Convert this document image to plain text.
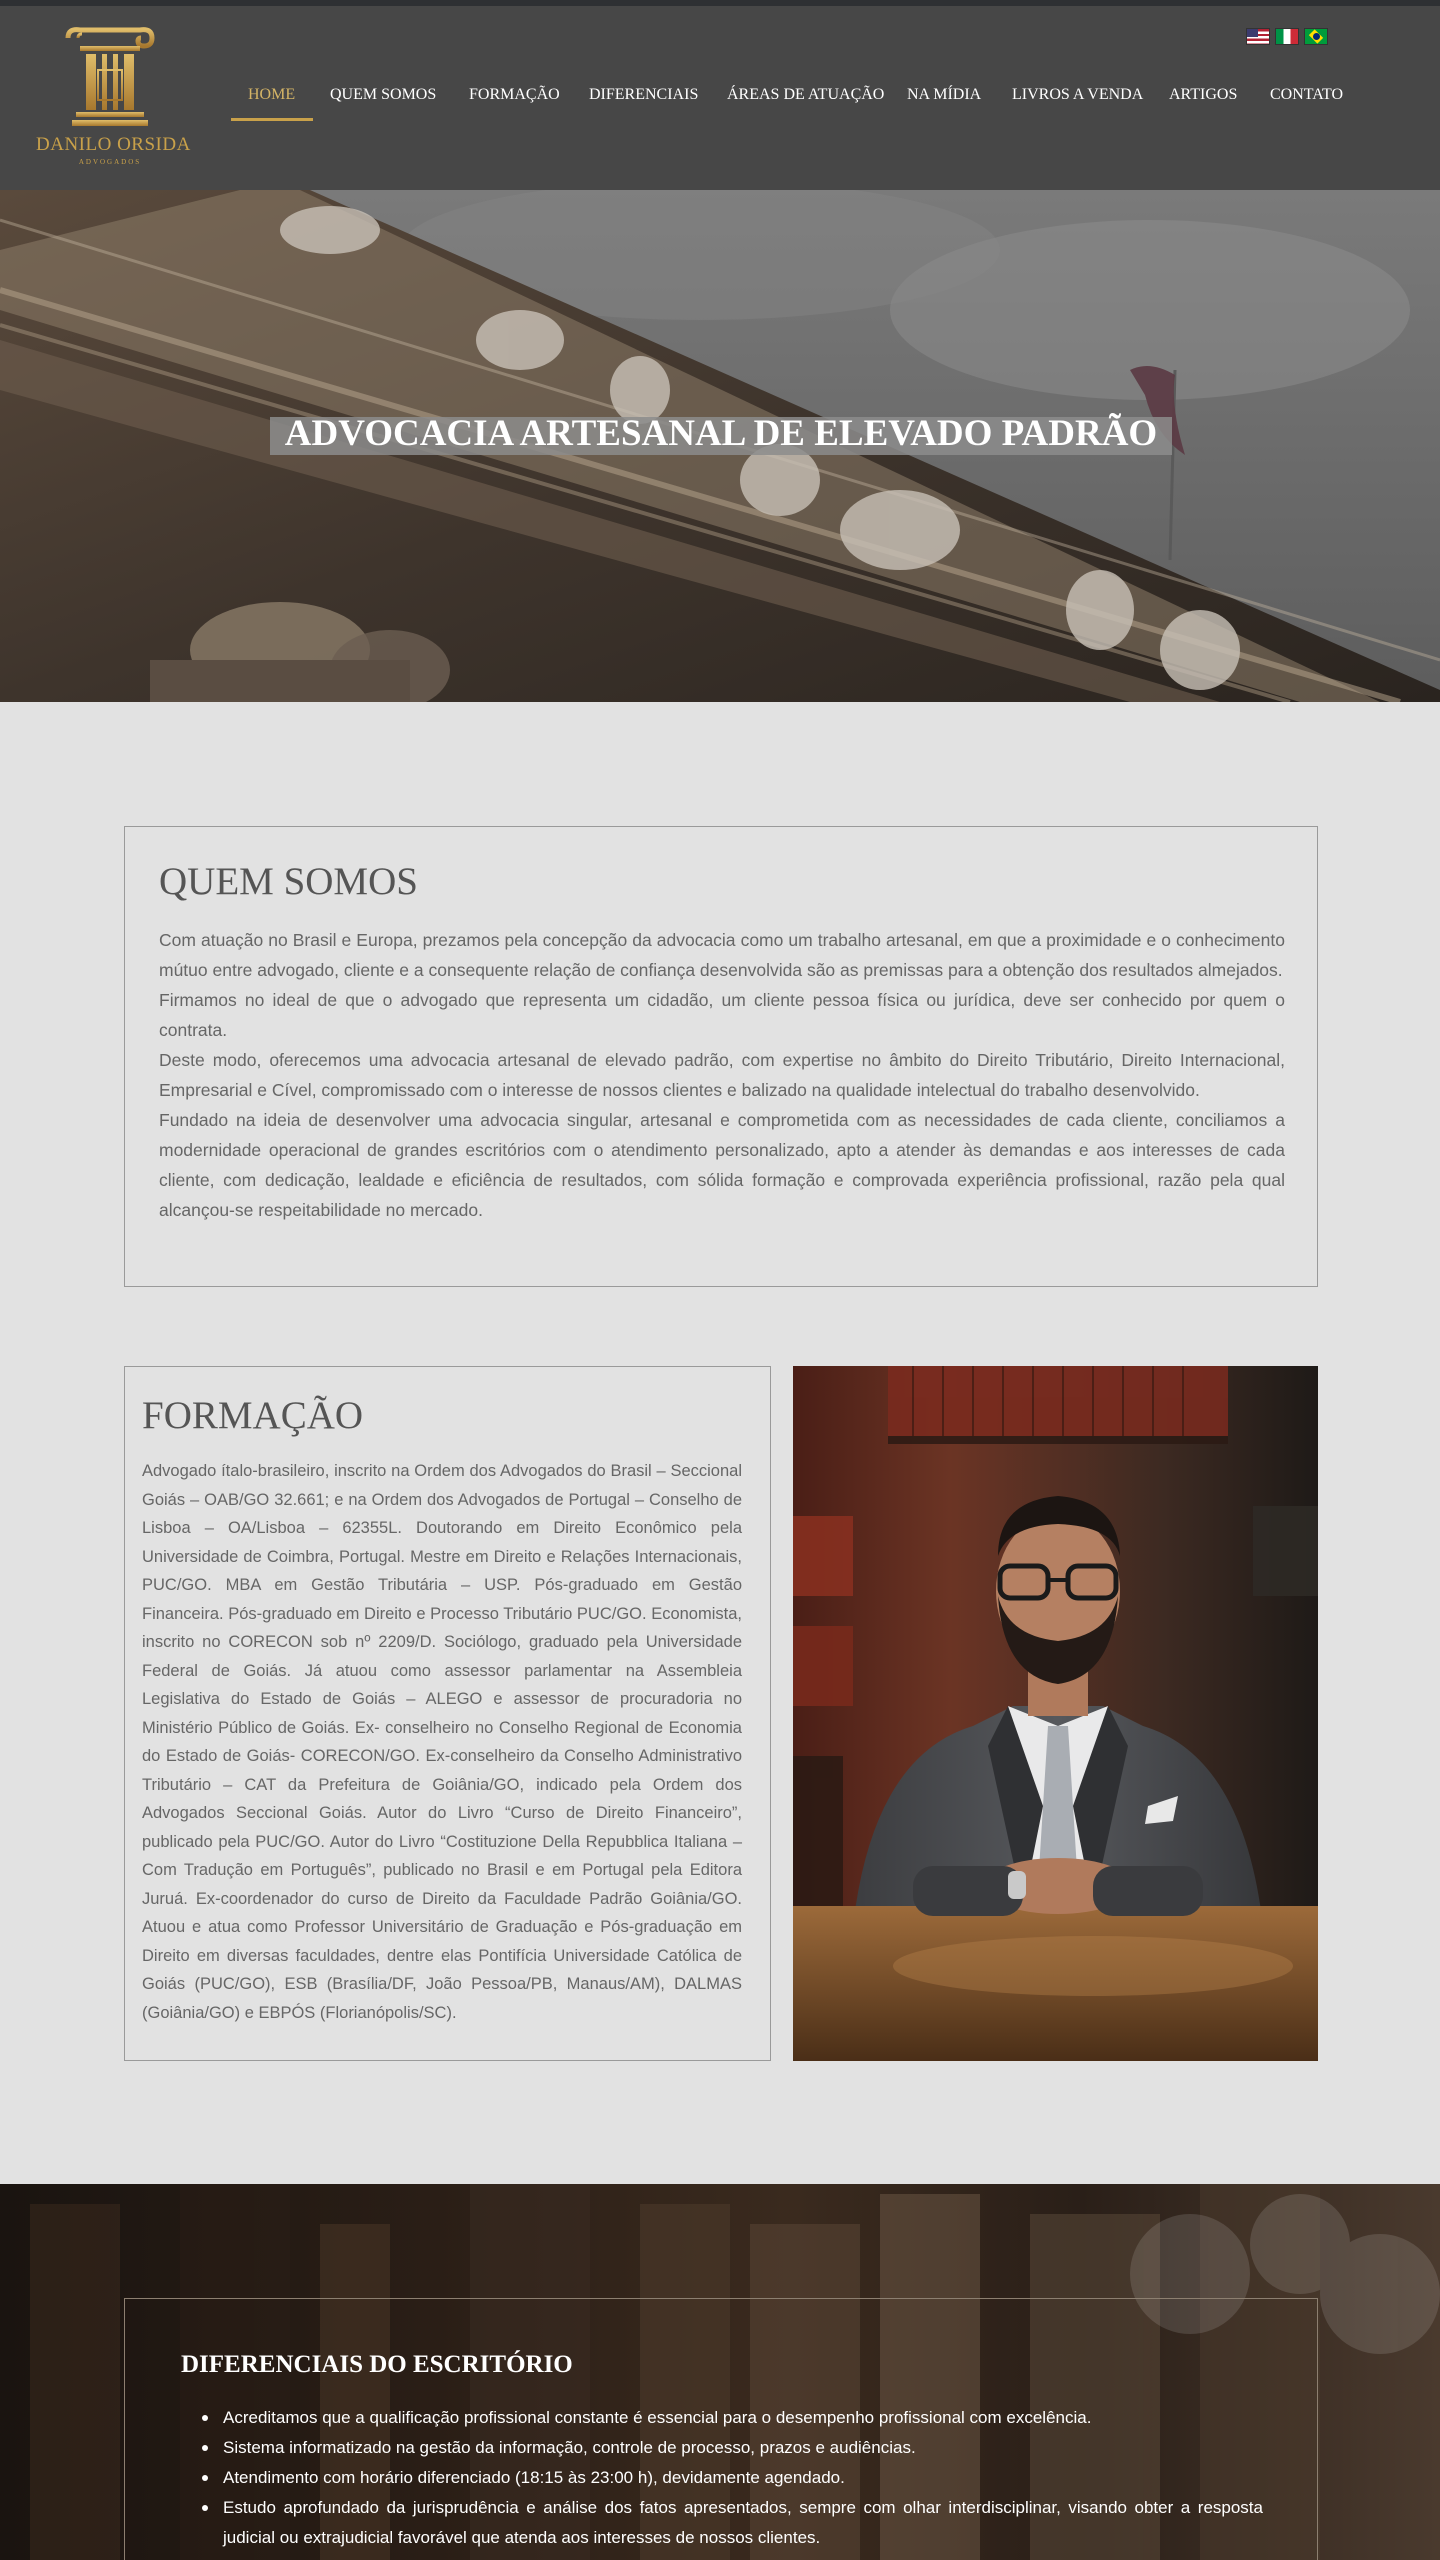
DANILO ORSIDA
ADVOGADOS
HOME QUEM SOMOS FORMAÇÃO DIFERENCIAIS ÁREAS DE ATUAÇÃO NA MÍDIA LIVROS A VENDA ARTIGOS CONTATO
ADVOCACIA ARTESANAL DE ELEVADO PADRÃO
QUEM SOMOS

Com atuação no Brasil e Europa, prezamos pela concepção da advocacia como um trabalho artesanal, em que a proximidade e o conhecimento mútuo entre advogado, cliente e a consequente relação de confiança desenvolvida são as premissas para a obtenção dos resultados almejados.

Firmamos no ideal de que o advogado que representa um cidadão, um cliente pessoa física ou jurídica, deve ser conhecido por quem o contrata.

Deste modo, oferecemos uma advocacia artesanal de elevado padrão, com expertise no âmbito do Direito Tributário, Direito Internacional, Empresarial e Cível, compromissado com o interesse de nossos clientes e balizado na qualidade intelectual do trabalho desenvolvido.

Fundado na ideia de desenvolver uma advocacia singular, artesanal e comprometida com as necessidades de cada cliente, conciliamos a modernidade operacional de grandes escritórios com o atendimento personalizado, apto a atender às demandas e aos interesses de cada cliente, com dedicação, lealdade e eficiência de resultados, com sólida formação e comprovada experiência profissional, razão pela qual alcançou-se respeitabilidade no mercado.

FORMAÇÃO

Advogado ítalo-brasileiro, inscrito na Ordem dos Advogados do Brasil – Seccional Goiás – OAB/GO 32.661; e na Ordem dos Advogados de Portugal – Conselho de Lisboa – OA/Lisboa – 62355L. Doutorando em Direito Econômico pela Universidade de Coimbra, Portugal. Mestre em Direito e Relações Internacionais, PUC/GO. MBA em Gestão Tributária – USP. Pós-graduado em Gestão Financeira. Pós-graduado em Direito e Processo Tributário PUC/GO. Economista, inscrito no CORECON sob nº 2209/D. Sociólogo, graduado pela Universidade Federal de Goiás. Já atuou como assessor parlamentar na Assembleia Legislativa do Estado de Goiás – ALEGO e assessor de procuradoria no Ministério Público de Goiás. Ex- conselheiro no Conselho Regional de Economia do Estado de Goiás- CORECON/GO. Ex-conselheiro da Conselho Administrativo Tributário – CAT da Prefeitura de Goiânia/GO, indicado pela Ordem dos Advogados Seccional Goiás. Autor do Livro “Curso de Direito Financeiro”, publicado pela PUC/GO. Autor do Livro “Costituzione Della Repubblica Italiana – Com Tradução em Português”, publicado no Brasil e em Portugal pela Editora Juruá. Ex-coordenador do curso de Direito da Faculdade Padrão Goiânia/GO. Atuou e atua como Professor Universitário de Graduação e Pós-graduação em Direito em diversas faculdades, dentre elas Pontifícia Universidade Católica de Goiás (PUC/GO), ESB (Brasília/DF, João Pessoa/PB, Manaus/AM), DALMAS (Goiânia/GO) e EBPÓS (Florianópolis/SC).

DIFERENCIAIS DO ESCRITÓRIO
Acreditamos que a qualificação profissional constante é essencial para o desempenho profissional com excelência.
Sistema informatizado na gestão da informação, controle de processo, prazos e audiências.
Atendimento com horário diferenciado (18:15 às 23:00 h), devidamente agendado.
Estudo aprofundado da jurisprudência e análise dos fatos apresentados, sempre com olhar interdisciplinar, visando obter a resposta judicial ou extrajudicial favorável que atenda aos interesses de nossos clientes.
